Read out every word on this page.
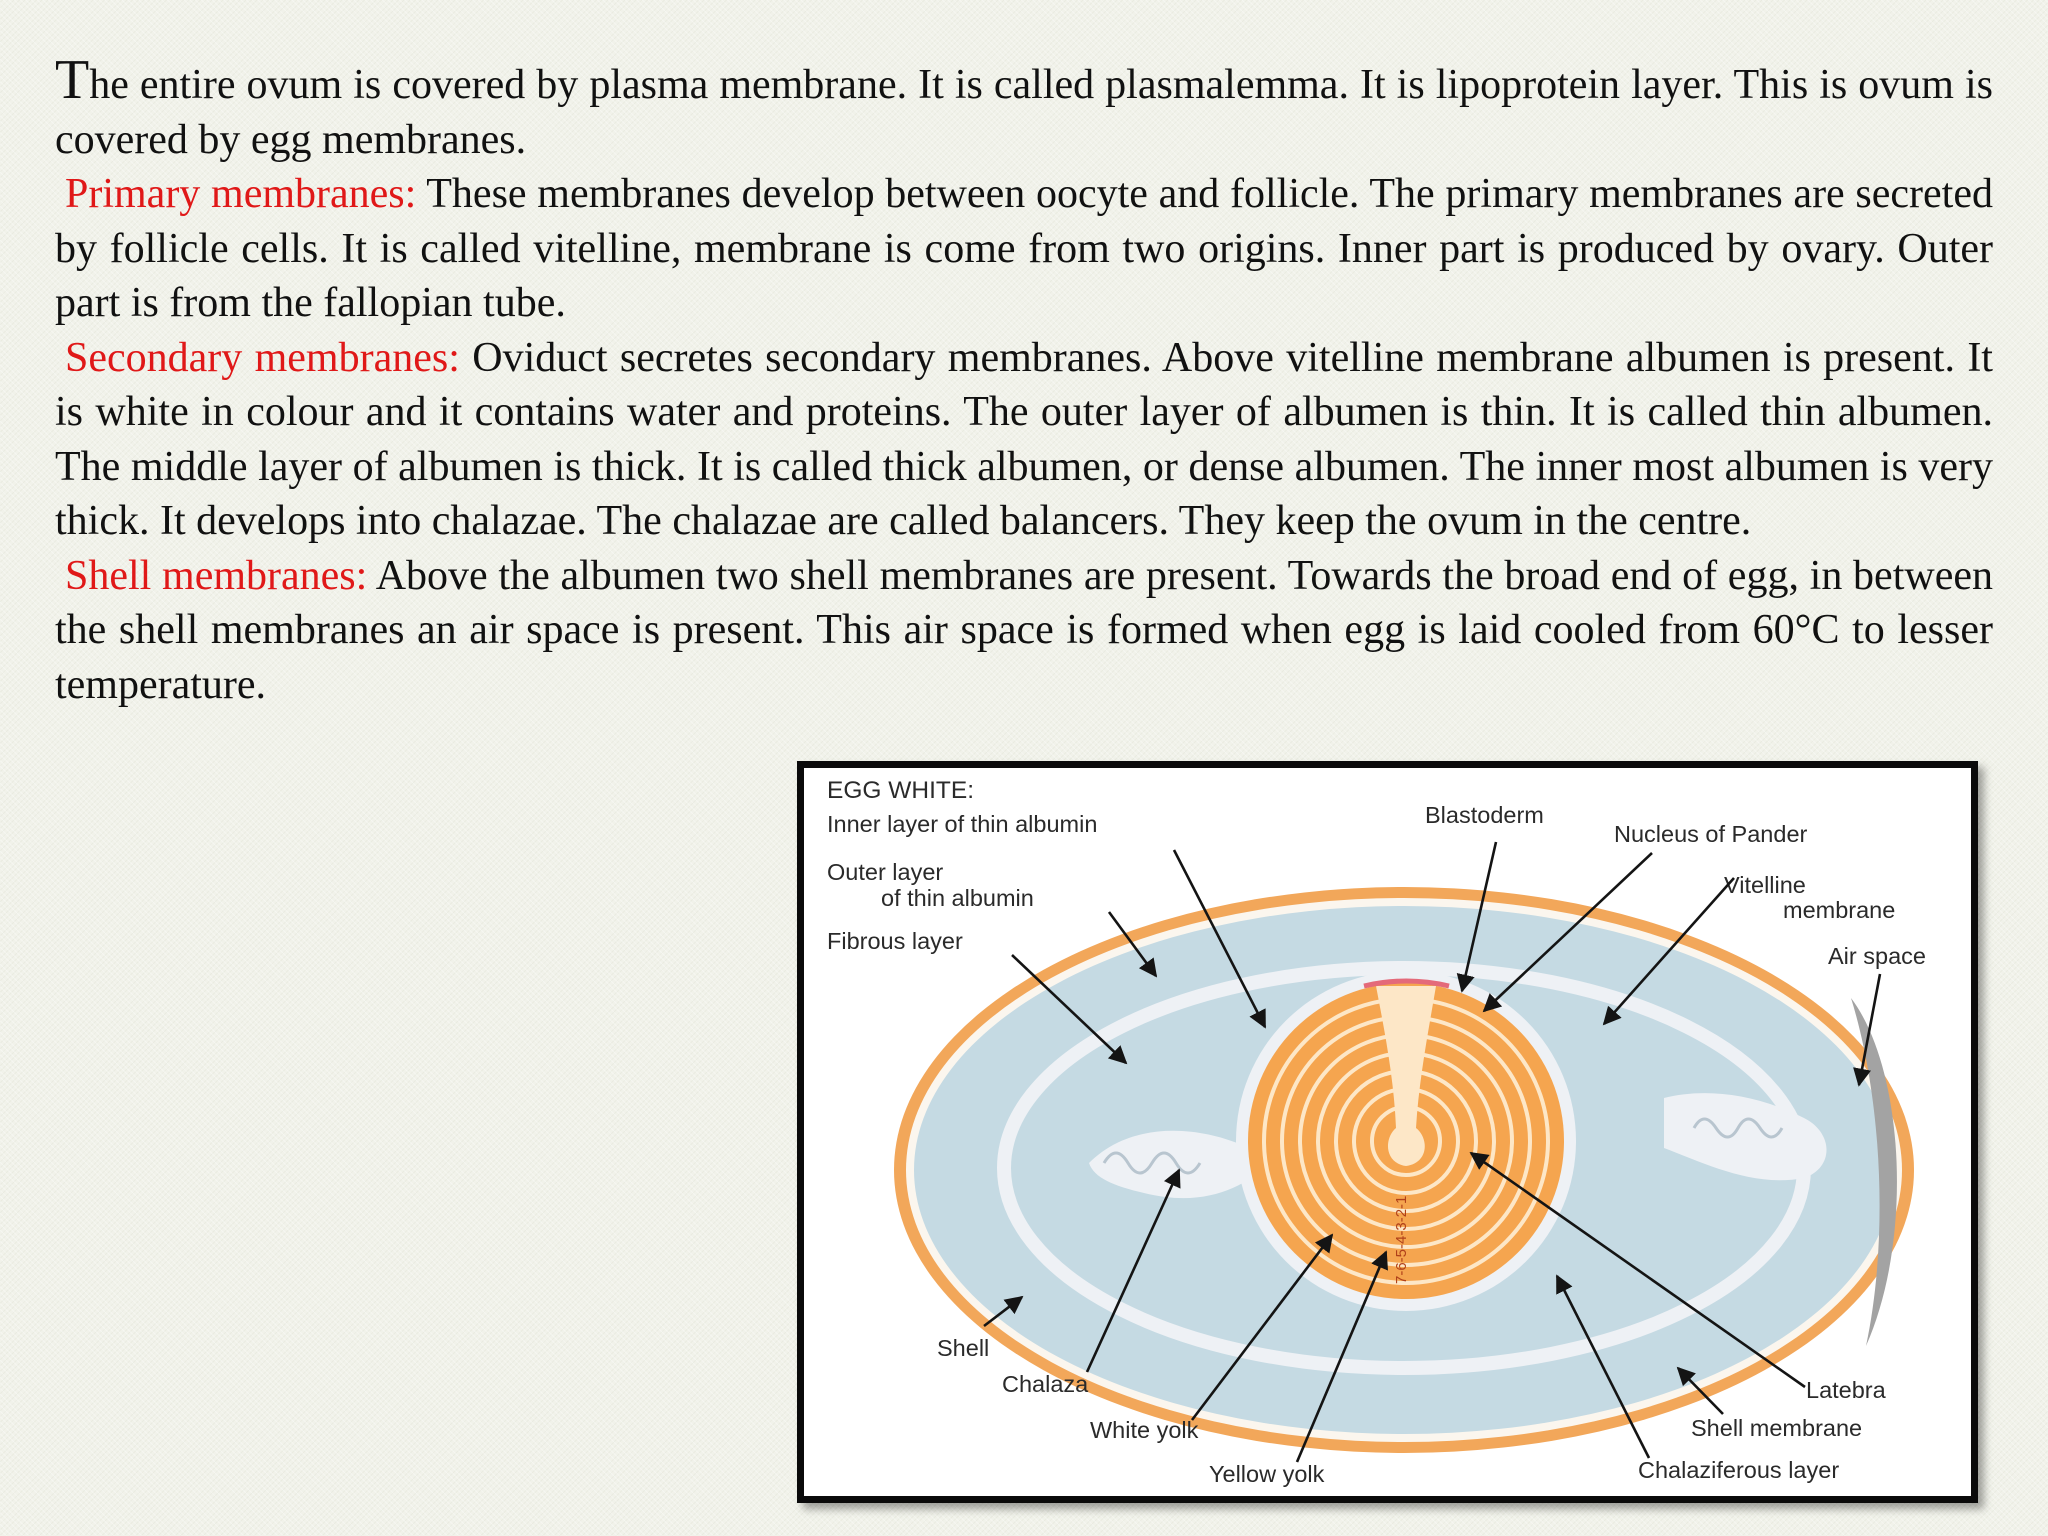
The entire ovum is covered by plasma membrane. It is called plasmalemma. It is lipoprotein layer. This is ovum is covered by egg membranes.

Primary membranes: These membranes develop between oocyte and follicle. The primary membranes are secreted by follicle cells. It is called vitelline, membrane is come from two origins. Inner part is produced by ovary. Outer part is from the fallopian tube.

Secondary membranes: Oviduct secretes secondary membranes. Above vitelline membrane albumen is present. It is white in colour and it contains water and proteins. The outer layer of albumen is thin. It is called thin albumen. The middle layer of albumen is thick. It is called thick albumen, or dense albumen. The inner most albumen is very thick. It develops into chalazae. The chalazae are called balancers. They keep the ovum in the centre.

Shell membranes: Above the albumen two shell membranes are present. Towards the broad end of egg, in between the shell membranes an air space is present. This air space is formed when egg is laid cooled from 60°C to lesser temperature.

7-6-5-4-3-2-1
EGG WHITE:
Inner layer of thin albumin
Outer layer
of thin albumin
Fibrous layer
Blastoderm
Nucleus of Pander
Vitelline
membrane
Air space
Shell
Chalaza
White yolk
Yellow yolk	Chalaziferous layer
Shell membrane
Latebra
